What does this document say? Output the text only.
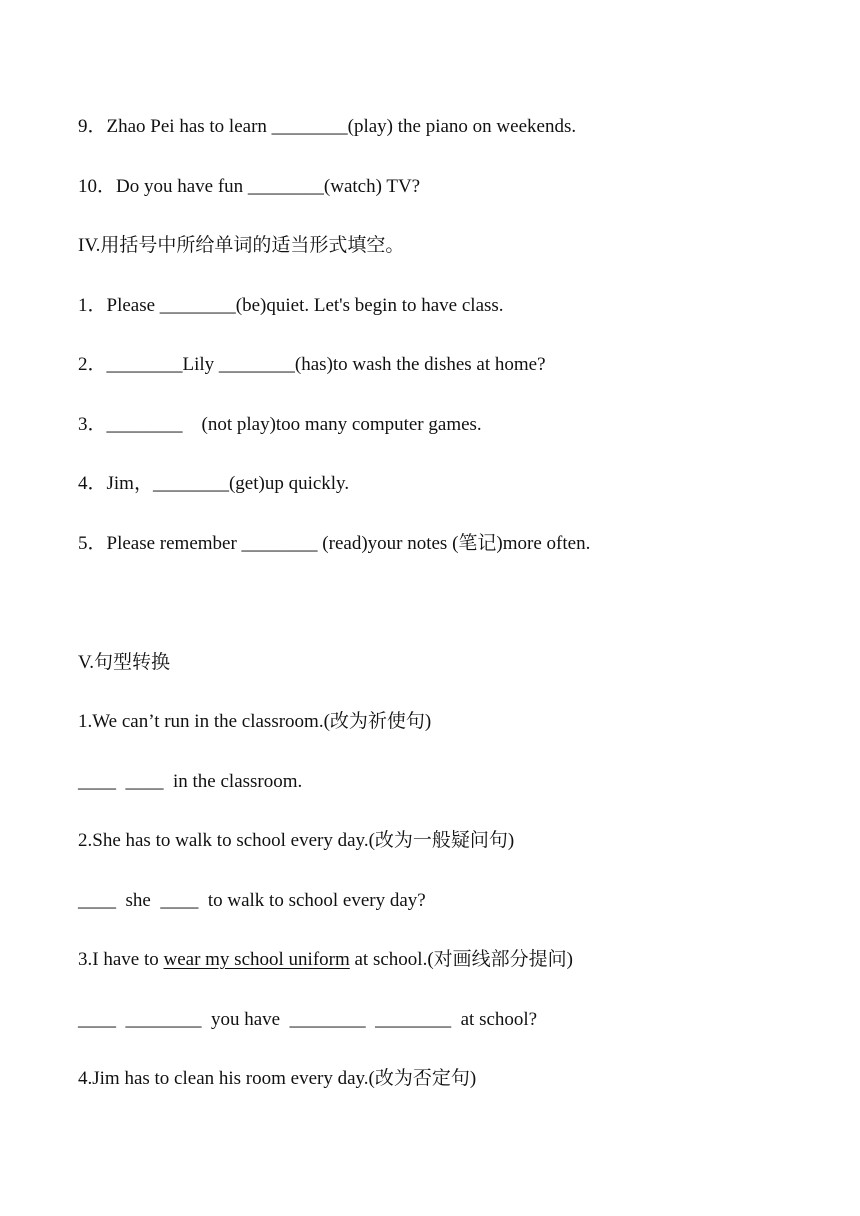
9．Zhao Pei has to learn ________(play) the piano on weekends.
10．Do you have fun ________(watch) TV?
IV.用括号中所给单词的适当形式填空。
1．Please ________(be)quiet. Let's begin to have class.
2．________Lily ________(has)to wash the dishes at home?
3．________    (not play)too many computer games.
4．Jim，________(get)up quickly.
5．Please remember ________ (read)your notes (笔记)more often.
V.句型转换
1.We can’t run in the classroom.(改为祈使句)
____  ____  in the classroom.
2.She has to walk to school every day.(改为一般疑问句)
____  she  ____  to walk to school every day?
3.I have to wear my school uniform at school.(对画线部分提问)
____  ________  you have  ________  ________  at school?
4.Jim has to clean his room every day.(改为否定句)
